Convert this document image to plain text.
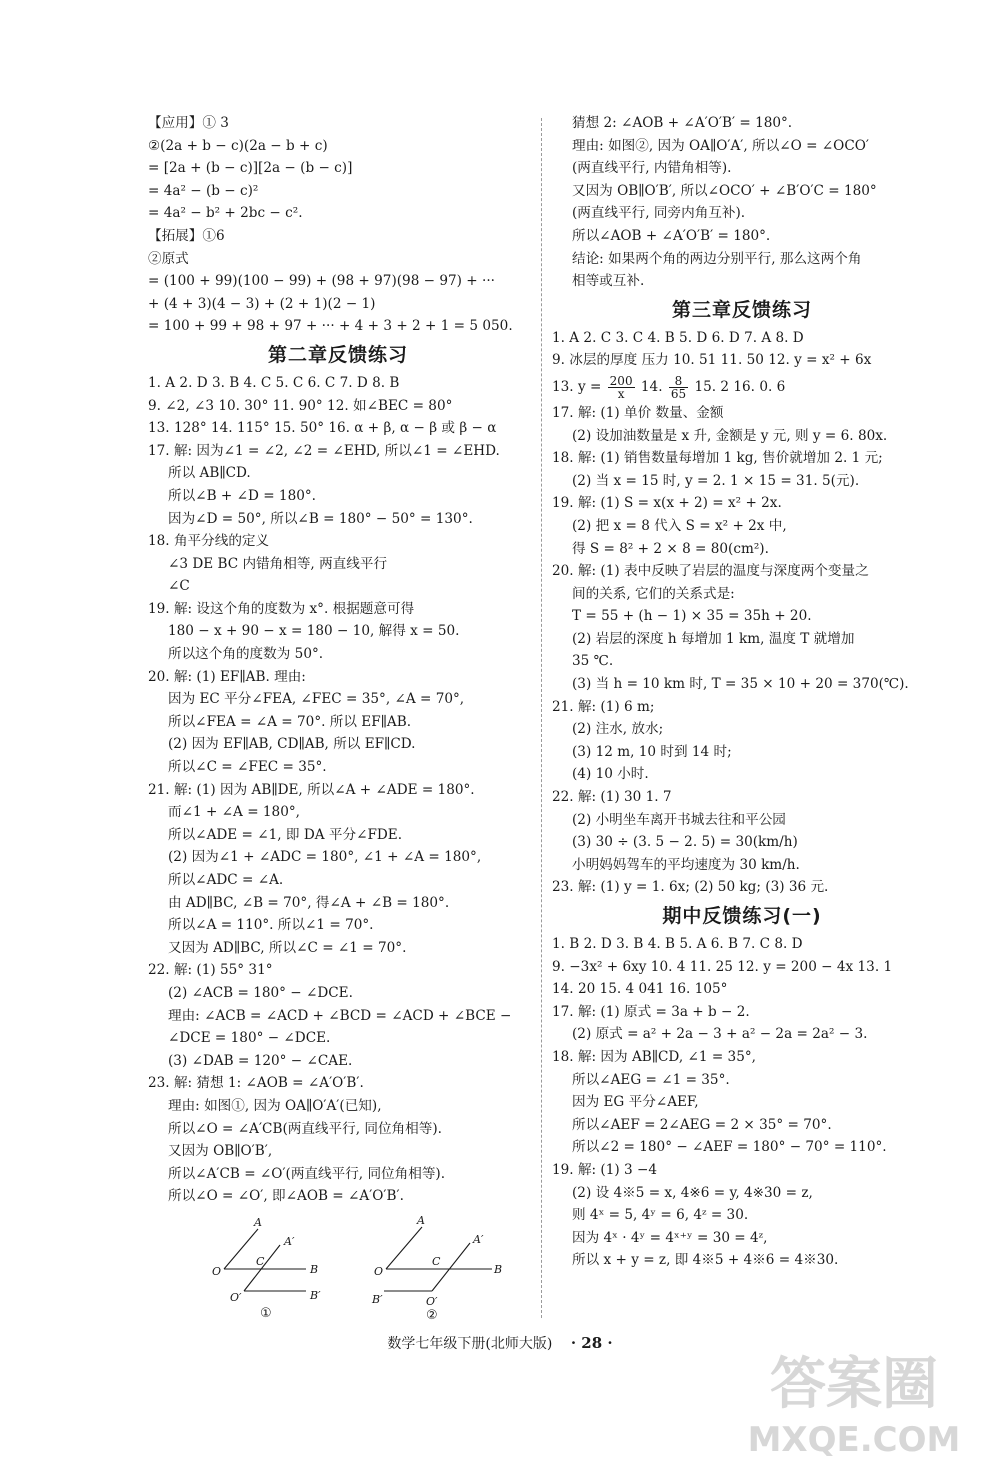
【应用】① 3
②(2a + b − c)(2a − b + c)
= [2a + (b − c)][2a − (b − c)]
= 4a² − (b − c)²
= 4a² − b² + 2bc − c².
【拓展】①6
②原式
= (100 + 99)(100 − 99) + (98 + 97)(98 − 97) + ···
+ (4 + 3)(4 − 3) + (2 + 1)(2 − 1)
= 100 + 99 + 98 + 97 + ··· + 4 + 3 + 2 + 1 = 5 050.
第二章反馈练习
1. A 2. D 3. B 4. C 5. C 6. C 7. D 8. B
9. ∠2, ∠3 10. 30° 11. 90° 12. 如∠BEC = 80°
13. 128° 14. 115° 15. 50° 16. α + β, α − β 或 β − α
17. 解: 因为∠1 = ∠2, ∠2 = ∠EHD, 所以∠1 = ∠EHD.
所以 AB∥CD.
所以∠B + ∠D = 180°.
因为∠D = 50°, 所以∠B = 180° − 50° = 130°.
18. 角平分线的定义
∠3 DE BC 内错角相等, 两直线平行
∠C
19. 解: 设这个角的度数为 x°. 根据题意可得
180 − x + 90 − x = 180 − 10, 解得 x = 50.
所以这个角的度数为 50°.
20. 解: (1) EF∥AB. 理由:
因为 EC 平分∠FEA, ∠FEC = 35°, ∠A = 70°,
所以∠FEA = ∠A = 70°. 所以 EF∥AB.
(2) 因为 EF∥AB, CD∥AB, 所以 EF∥CD.
所以∠C = ∠FEC = 35°.
21. 解: (1) 因为 AB∥DE, 所以∠A + ∠ADE = 180°.
而∠1 + ∠A = 180°,
所以∠ADE = ∠1, 即 DA 平分∠FDE.
(2) 因为∠1 + ∠ADC = 180°, ∠1 + ∠A = 180°,
所以∠ADC = ∠A.
由 AD∥BC, ∠B = 70°, 得∠A + ∠B = 180°.
所以∠A = 110°. 所以∠1 = 70°.
又因为 AD∥BC, 所以∠C = ∠1 = 70°.
22. 解: (1) 55° 31°
(2) ∠ACB = 180° − ∠DCE.
理由: ∠ACB = ∠ACD + ∠BCD = ∠ACD + ∠BCE −
∠DCE = 180° − ∠DCE.
(3) ∠DAB = 120° − ∠CAE.
23. 解: 猜想 1: ∠AOB = ∠A′O′B′.
理由: 如图①, 因为 OA∥O′A′(已知),
所以∠O = ∠A′CB(两直线平行, 同位角相等).
又因为 OB∥O′B′,
所以∠A′CB = ∠O′(两直线平行, 同位角相等).
所以∠O = ∠O′, 即∠AOB = ∠A′O′B′.
A
A′
C
O	B
O′	B′
①
A
A′
C
O	B
B′	O′
②
猜想 2: ∠AOB + ∠A′O′B′ = 180°.
理由: 如图②, 因为 OA∥O′A′, 所以∠O = ∠OCO′
(两直线平行, 内错角相等).
又因为 OB∥O′B′, 所以∠OCO′ + ∠B′O′C = 180°
(两直线平行, 同旁内角互补).
所以∠AOB + ∠A′O′B′ = 180°.
结论: 如果两个角的两边分别平行, 那么这两个角
相等或互补.
第三章反馈练习
1. A 2. C 3. C 4. B 5. D 6. D 7. A 8. D
9. 冰层的厚度 压力 10. 51 11. 50 12. y = x² + 6x
13. $y = \frac{200}{x} 14$. $\frac{8}{65} 15$. 2 16. 0. 6
17. 解: (1) 单价 数量、金额
(2) 设加油数量是 x 升, 金额是 y 元, 则 y = 6. 80x.
18. 解: (1) 销售数量每增加 1 kg, 售价就增加 2. 1 元;
(2) 当 x = 15 时, y = 2. 1 × 15 = 31. 5(元).
19. 解: (1) S = x(x + 2) = x² + 2x.
(2) 把 x = 8 代入 S = x² + 2x 中,
得 S = 8² + 2 × 8 = 80(cm²).
20. 解: (1) 表中反映了岩层的温度与深度两个变量之
间的关系, 它们的关系式是:
T = 55 + (h − 1) × 35 = 35h + 20.
(2) 岩层的深度 h 每增加 1 km, 温度 T 就增加
35 ℃.
(3) 当 h = 10 km 时, T = 35 × 10 + 20 = 370(℃).
21. 解: (1) 6 m;
(2) 注水, 放水;
(3) 12 m, 10 时到 14 时;
(4) 10 小时.
22. 解: (1) 30 1. 7
(2) 小明坐车离开书城去往和平公园
(3) 30 ÷ (3. 5 − 2. 5) = 30(km/h)
小明妈妈驾车的平均速度为 30 km/h.
23. 解: (1) y = 1. 6x; (2) 50 kg; (3) 36 元.
期中反馈练习(一)
1. B 2. D 3. B 4. B 5. A 6. B 7. C 8. D
9. −3x² + 6xy 10. 4 11. 25 12. y = 200 − 4x 13. 1
14. 20 15. 4 041 16. 105°
17. 解: (1) 原式 = 3a + b − 2.
(2) 原式 = a² + 2a − 3 + a² − 2a = 2a² − 3.
18. 解: 因为 AB∥CD, ∠1 = 35°,
所以∠AEG = ∠1 = 35°.
因为 EG 平分∠AEF,
所以∠AEF = 2∠AEG = 2 × 35° = 70°.
所以∠2 = 180° − ∠AEF = 180° − 70° = 110°.
19. 解: (1) 3 −4
(2) 设 4※5 = x, 4※6 = y, 4※30 = z,
则 4ˣ = 5, 4ʸ = 6, 4ᶻ = 30.
因为 4ˣ · 4ʸ = 4ˣ⁺ʸ = 30 = 4ᶻ,
所以 x + y = z, 即 4※5 + 4※6 = 4※30.
数学七年级下册(北师大版) · 28 ·
答案圈
MXQE.COM
